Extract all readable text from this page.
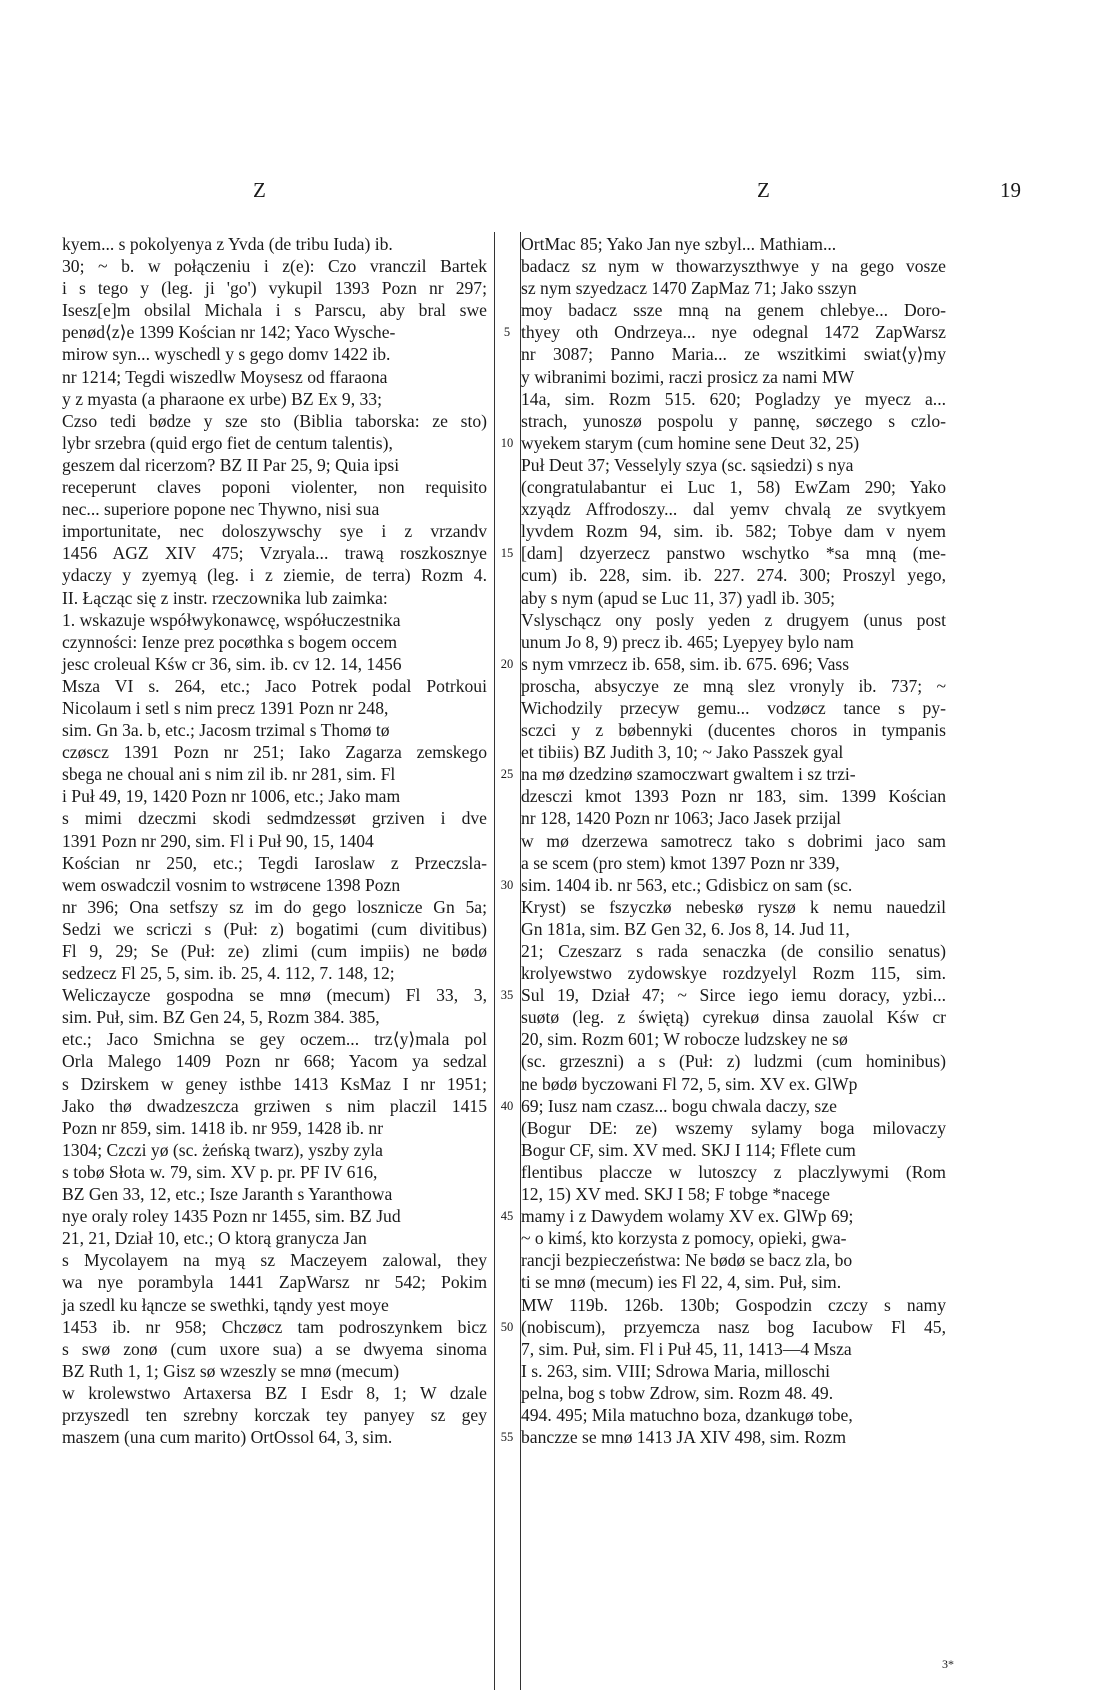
Z	Z	19
kyem... s pokolyenya z Yvda (de tribu Iuda) ib.
30; ~ b. w połączeniu i z(e): Czo vranczil Bartek
i s tego y (leg. ji 'go') vykupil 1393 Pozn nr 297;
Isesz[e]m obsilal Michala i s Parscu, aby bral swe
penød⟨z⟩e 1399 Kościan nr 142; Yaco Wysche-
mirow syn... wyschedl y s gego domv 1422 ib.
nr 1214; Tegdi wiszedlw Moysesz od ffaraona
y z myasta (a pharaone ex urbe) BZ Ex 9, 33;
Czso tedi bødze y sze sto (Biblia taborska: ze sto)
lybr srzebra (quid ergo fiet de centum talentis),
geszem dal ricerzom? BZ II Par 25, 9; Quia ipsi
receperunt claves poponi violenter, non requisito
nec... superiore popone nec Thywno, nisi sua
importunitate, nec doloszywschy sye i z vrzandv
1456 AGZ XIV 475; Vzryala... trawą roszkosznye
ydaczy y zyemyą (leg. i z ziemie, de terra) Rozm 4.
II. Łącząc się z instr. rzeczownika lub zaimka:
1. wskazuje współwykonawcę, współuczestnika
czynności: Ienze prez pocøthka s bogem occem
jesc croleual Kśw cr 36, sim. ib. cv 12. 14, 1456
Msza VI s. 264, etc.; Jaco Potrek podal Potrkoui
Nicolaum i setl s nim precz 1391 Pozn nr 248,
sim. Gn 3a. b, etc.; Jacosm trzimal s Thomø tø
czøscz 1391 Pozn nr 251; Iako Zagarza zemskego
sbega ne choual ani s nim zil ib. nr 281, sim. Fl
i Puł 49, 19, 1420 Pozn nr 1006, etc.; Jako mam
s mimi dzeczmi skodi sedmdzessøt grziven i dve
1391 Pozn nr 290, sim. Fl i Puł 90, 15, 1404
Kościan nr 250, etc.; Tegdi Iaroslaw z Przeczsla-
wem oswadczil vosnim to wstrøcene 1398 Pozn
nr 396; Ona setfszy sz im do gego losznicze Gn 5a;
Sedzi we scriczi s (Puł: z) bogatimi (cum divitibus)
Fl 9, 29; Se (Puł: ze) zlimi (cum impiis) ne bødø
sedzecz Fl 25, 5, sim. ib. 25, 4. 112, 7. 148, 12;
Weliczaycze gospodna se mnø (mecum) Fl 33, 3,
sim. Puł, sim. BZ Gen 24, 5, Rozm 384. 385,
etc.; Jaco Smichna se gey oczem... trz⟨y⟩mala pol
Orla Malego 1409 Pozn nr 668; Yacom ya sedzal
s Dzirskem w geney isthbe 1413 KsMaz I nr 1951;
Jako thø dwadzeszcza grziwen s nim placzil 1415
Pozn nr 859, sim. 1418 ib. nr 959, 1428 ib. nr
1304; Czczi yø (sc. żeńską twarz), yszby zyla
s tobø Słota w. 79, sim. XV p. pr. PF IV 616,
BZ Gen 33, 12, etc.; Isze Jaranth s Yaranthowa
nye oraly roley 1435 Pozn nr 1455, sim. BZ Jud
21, 21, Dział 10, etc.; O ktorą granycza Jan
s Mycolayem na myą sz Maczeyem zalowal, they
wa nye porambyla 1441 ZapWarsz nr 542; Pokim
ja szedl ku łąncze se swethki, tąndy yest moye
1453 ib. nr 958; Chczøcz tam podroszynkem bicz
s swø zonø (cum uxore sua) a se dwyema sinoma
BZ Ruth 1, 1; Gisz sø wzeszly se mnø (mecum)
w krolewstwo Artaxersa BZ I Esdr 8, 1; W dzale
przyszedl ten szrebny korczak tey panyey sz gey
maszem (una cum marito) OrtOssol 64, 3, sim.
5
10
15
20
25
30
35
40
45
50
55
OrtMac 85; Yako Jan nye szbyl... Mathiam...
badacz sz nym w thowarzyszthwye y na gego vosze
sz nym szyedzacz 1470 ZapMaz 71; Jako sszyn
moy badacz ssze mną na genem chlebye... Doro-
thyey oth Ondrzeya... nye odegnal 1472 ZapWarsz
nr 3087; Panno Maria... ze wszitkimi swiat⟨y⟩my
y wibranimi bozimi, raczi prosicz za nami MW
14a, sim. Rozm 515. 620; Pogladzy ye myecz a...
strach, yunoszø pospolu y pannę, søczego s czlo-
wyekem starym (cum homine sene Deut 32, 25)
Puł Deut 37; Vesselyly szya (sc. sąsiedzi) s nya
(congratulabantur ei Luc 1, 58) EwZam 290; Yako
xzyądz Affrodoszy... dal yemv chvalą ze svytkyem
lyvdem Rozm 94, sim. ib. 582; Tobye dam v nyem
[dam] dzyerzecz panstwo wschytko *sa mną (me-
cum) ib. 228, sim. ib. 227. 274. 300; Proszyl yego,
aby s nym (apud se Luc 11, 37) yadl ib. 305;
Vslyschącz ony posly yeden z drugyem (unus post
unum Jo 8, 9) precz ib. 465; Lyepyey bylo nam
s nym vmrzecz ib. 658, sim. ib. 675. 696; Vass
proscha, absyczye ze mną slez vronyly ib. 737; ~
Wichodzily przecyw gemu... vodzøcz tance s py-
sczci y z bøbennyki (ducentes choros in tympanis
et tibiis) BZ Judith 3, 10; ~ Jako Passzek gyal
na mø dzedzinø szamoczwart gwaltem i sz trzi-
dzesczi kmot 1393 Pozn nr 183, sim. 1399 Kościan
nr 128, 1420 Pozn nr 1063; Jaco Jasek przijal
w mø dzerzewa samotrecz tako s dobrimi jaco sam
a se scem (pro stem) kmot 1397 Pozn nr 339,
sim. 1404 ib. nr 563, etc.; Gdisbicz on sam (sc.
Kryst) se fszyczkø nebeskø ryszø k nemu nauedzil
Gn 181a, sim. BZ Gen 32, 6. Jos 8, 14. Jud 11,
21; Czeszarz s rada senaczka (de consilio senatus)
krolyewstwo zydowskye rozdzyelyl Rozm 115, sim.
Sul 19, Dział 47; ~ Sirce iego iemu doracy, yzbi...
suøtø (leg. z świętą) cyrekuø dinsa zauolal Kśw cr
20, sim. Rozm 601; W robocze ludzskey ne sø
(sc. grzeszni) a s (Puł: z) ludzmi (cum hominibus)
ne bødø byczowani Fl 72, 5, sim. XV ex. GlWp
69; Iusz nam czasz... bogu chwala daczy, sze
(Bogur DE: ze) wszemy sylamy boga milovaczy
Bogur CF, sim. XV med. SKJ I 114; Fflete cum
flentibus placcze w lutoszcy z placzlywymi (Rom
12, 15) XV med. SKJ I 58; F tobge *nacege
mamy i z Dawydem wolamy XV ex. GlWp 69;
~ o kimś, kto korzysta z pomocy, opieki, gwa-
rancji bezpieczeństwa: Ne bødø se bacz zla, bo
ti se mnø (mecum) ies Fl 22, 4, sim. Puł, sim.
MW 119b. 126b. 130b; Gospodzin czczy s namy
(nobiscum), przyemcza nasz bog Iacubow Fl 45,
7, sim. Puł, sim. Fl i Puł 45, 11, 1413—4 Msza
I s. 263, sim. VIII; Sdrowa Maria, milloschi
pelna, bog s tobw Zdrow, sim. Rozm 48. 49.
494. 495; Mila matuchno boza, dzankugø tobe,
banczze se mnø 1413 JA XIV 498, sim. Rozm
3*
